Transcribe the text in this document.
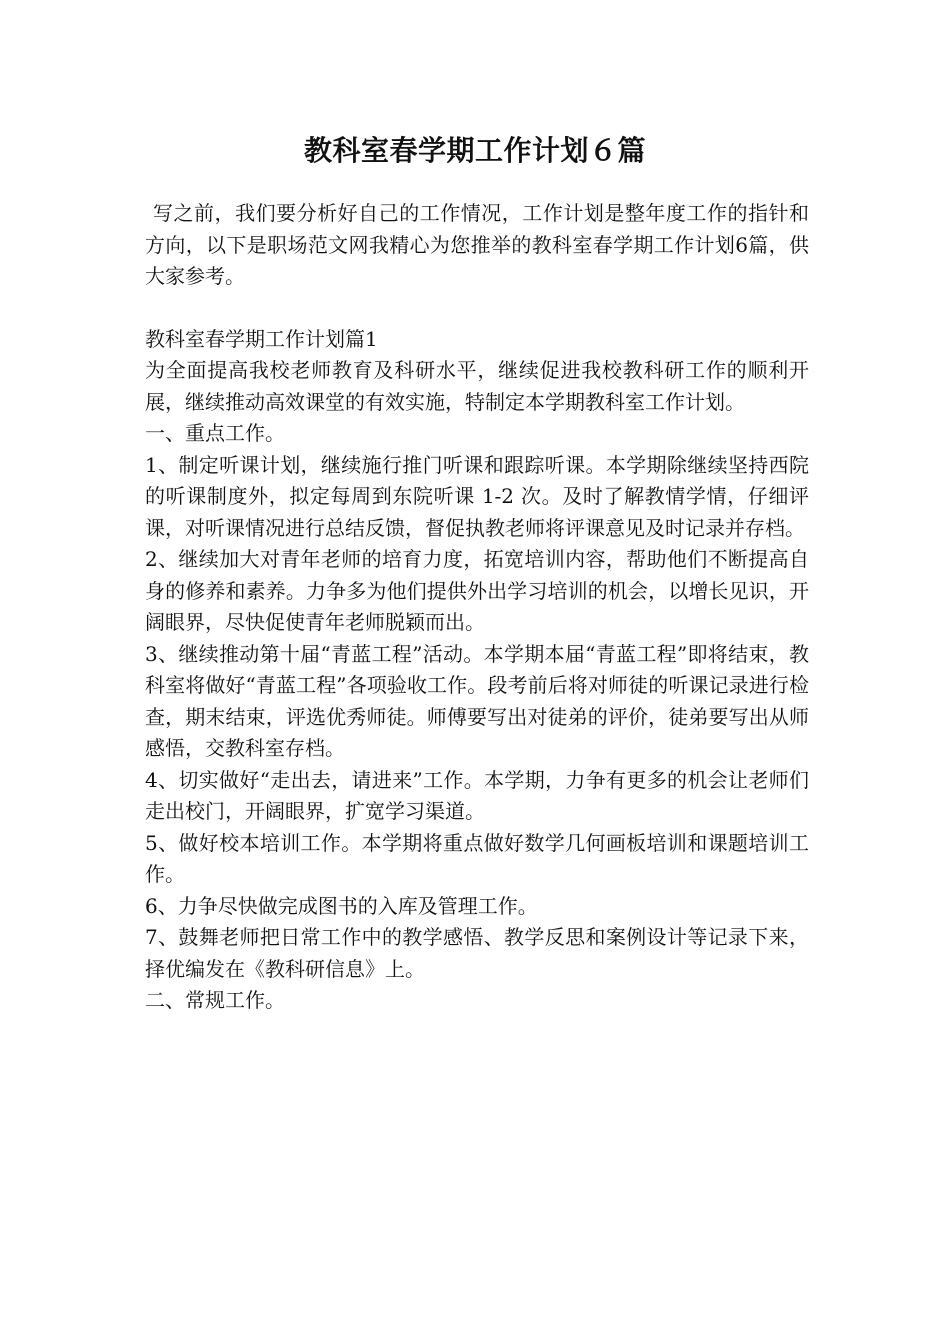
教科室春学期工作计划６篇

写之前，我们要分析好自己的工作情况，工作计划是整年度工作的指针和方向，以下是职场范文网我精心为您推举的教科室春学期工作计划6篇，供大家参考。

教科室春学期工作计划篇1

为全面提高我校老师教育及科研水平，继续促进我校教科研工作的顺利开展，继续推动高效课堂的有效实施，特制定本学期教科室工作计划。

一、重点工作。

1、制定听课计划，继续施行推门听课和跟踪听课。本学期除继续坚持西院的听课制度外，拟定每周到东院听课 1-2 次。及时了解教情学情，仔细评课，对听课情况进行总结反馈，督促执教老师将评课意见及时记录并存档。

2、继续加大对青年老师的培育力度，拓宽培训内容，帮助他们不断提高自身的修养和素养。力争多为他们提供外出学习培训的机会，以增长见识，开阔眼界，尽快促使青年老师脱颖而出。

3、继续推动第十届“青蓝工程”活动。本学期本届“青蓝工程”即将结束，教科室将做好“青蓝工程”各项验收工作。段考前后将对师徒的听课记录进行检查，期末结束，评选优秀师徒。师傅要写出对徒弟的评价，徒弟要写出从师感悟，交教科室存档。

4、切实做好“走出去，请进来”工作。本学期，力争有更多的机会让老师们走出校门，开阔眼界，扩宽学习渠道。

5、做好校本培训工作。本学期将重点做好数学几何画板培训和课题培训工作。

6、力争尽快做完成图书的入库及管理工作。

7、鼓舞老师把日常工作中的教学感悟、教学反思和案例设计等记录下来，择优编发在《教科研信息》上。

二、常规工作。
